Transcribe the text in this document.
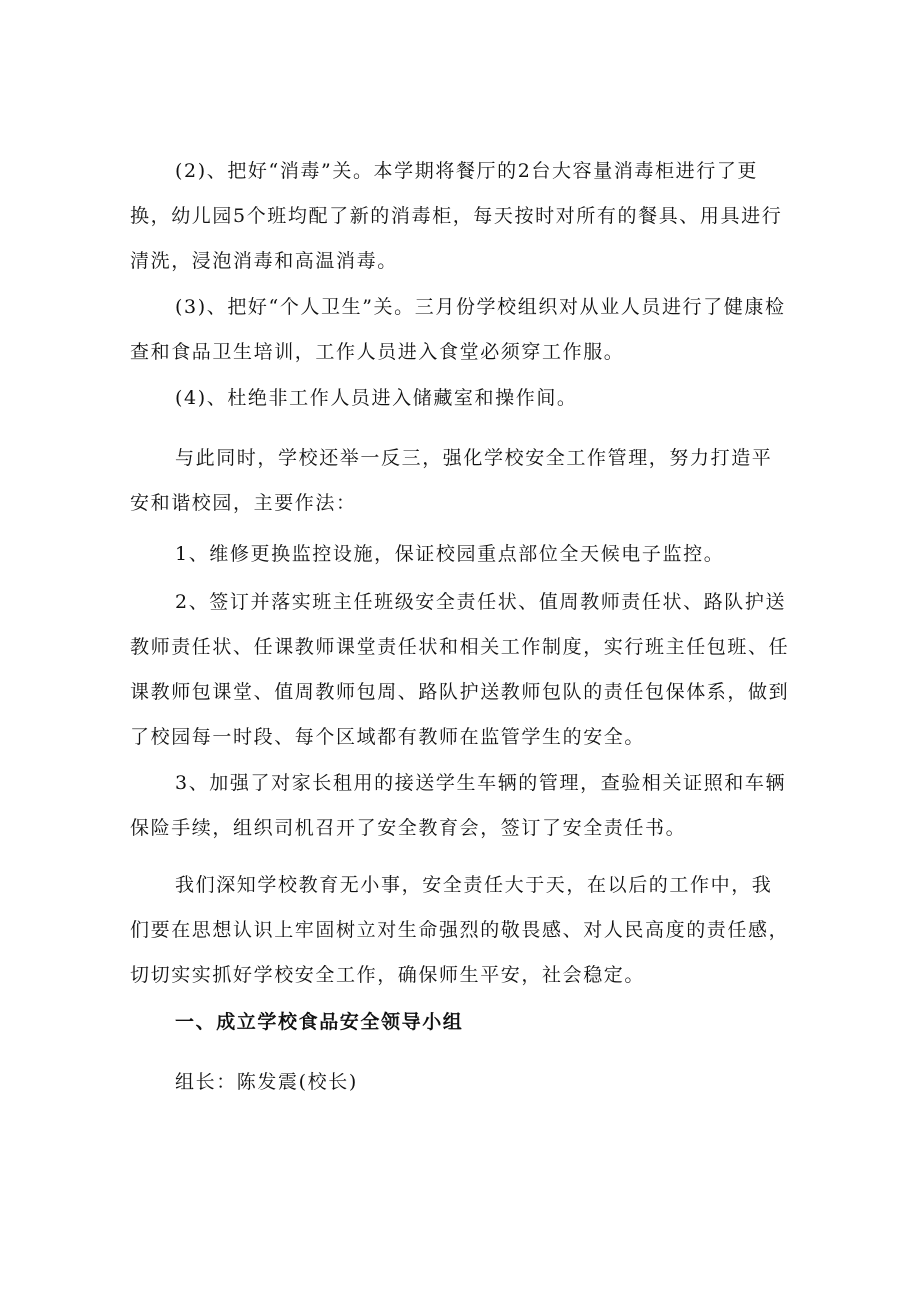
(2)、把好“消毒”关。本学期将餐厅的2台大容量消毒柜进行了更换，幼儿园5个班均配了新的消毒柜，每天按时对所有的餐具、用具进行清洗，浸泡消毒和高温消毒。

(3)、把好“个人卫生”关。三月份学校组织对从业人员进行了健康检查和食品卫生培训，工作人员进入食堂必须穿工作服。

(4)、杜绝非工作人员进入储藏室和操作间。

与此同时，学校还举一反三，强化学校安全工作管理，努力打造平安和谐校园，主要作法：

1、维修更换监控设施，保证校园重点部位全天候电子监控。

2、签订并落实班主任班级安全责任状、值周教师责任状、路队护送教师责任状、任课教师课堂责任状和相关工作制度，实行班主任包班、任课教师包课堂、值周教师包周、路队护送教师包队的责任包保体系，做到了校园每一时段、每个区域都有教师在监管学生的安全。

3、加强了对家长租用的接送学生车辆的管理，查验相关证照和车辆保险手续，组织司机召开了安全教育会，签订了安全责任书。

我们深知学校教育无小事，安全责任大于天，在以后的工作中，我们要在思想认识上牢固树立对生命强烈的敬畏感、对人民高度的责任感，切切实实抓好学校安全工作，确保师生平安，社会稳定。

一、成立学校食品安全领导小组

组长：陈发震(校长)
